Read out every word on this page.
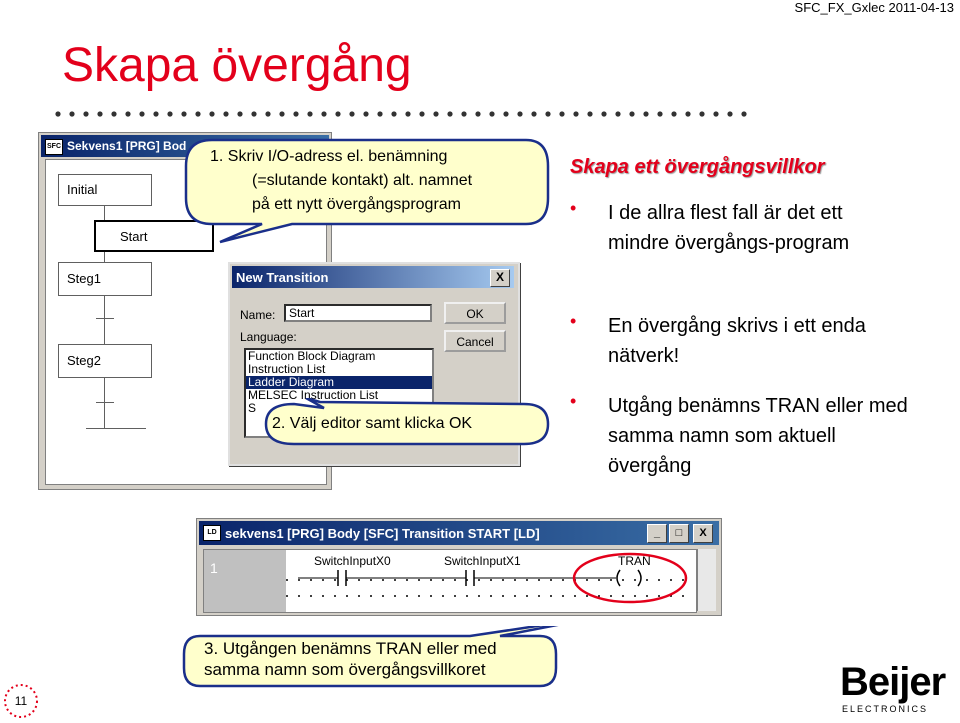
SFC_FX_Gxlec 2011-04-13
Skapa övergång
SFC Sekvens1 [PRG] Bod
Initial
Start
Steg1
Steg2
New Transition	X
Name:
Start
Language:
Function Block Diagram
Instruction List
Ladder Diagram
MELSEC Instruction List
S
OK
Cancel
1. Skriv I/O-adress el. benämning
(=slutande kontakt) alt. namnet
på ett nytt övergångsprogram
2. Välj editor samt klicka OK
Skapa ett övergångsvillkor
• I de allra flest fall är det ett mindre övergångs-program
• En övergång skrivs i ett enda nätverk!
• Utgång benämns TRAN eller med samma namn som aktuell övergång
LD sekvens1 [PRG] Body [SFC] Transition START [LD]	_	□	X
1	SwitchInputX0	SwitchInputX1	TRAN
3. Utgången benämns TRAN eller med
samma namn som övergångsvillkoret
11	Beijer
ELECTRONICS
